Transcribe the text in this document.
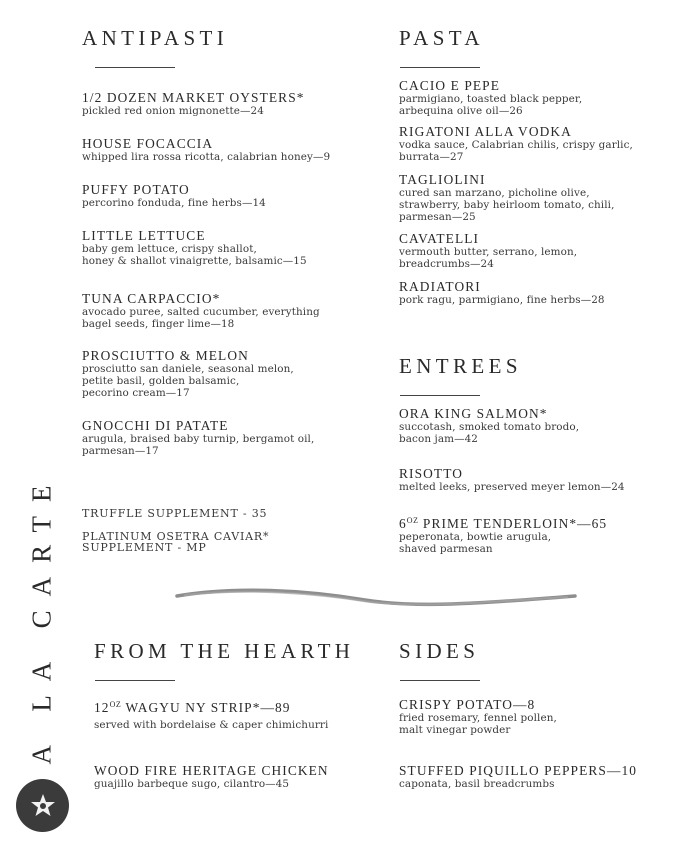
ANTIPASTI
1/2 DOZEN MARKET OYSTERS*
pickled red onion mignonette—24
HOUSE FOCACCIA
whipped lira rossa ricotta, calabrian honey—9
PUFFY POTATO
percorino fonduda, fine herbs—14
LITTLE LETTUCE
baby gem lettuce, crispy shallot,
honey & shallot vinaigrette, balsamic—15
TUNA CARPACCIO*
avocado puree, salted cucumber, everything
bagel seeds, finger lime—18
PROSCIUTTO & MELON
prosciutto san daniele, seasonal melon,
petite basil, golden balsamic,
pecorino cream—17
GNOCCHI DI PATATE
arugula, braised baby turnip, bergamot oil,
parmesan—17
TRUFFLE SUPPLEMENT - 35
PLATINUM OSETRA CAVIAR*
SUPPLEMENT - MP
PASTA
CACIO E PEPE
parmigiano, toasted black pepper,
arbequina olive oil—26
RIGATONI ALLA VODKA
vodka sauce, Calabrian chilis, crispy garlic,
burrata—27
TAGLIOLINI
cured san marzano, picholine olive,
strawberry, baby heirloom tomato, chili,
parmesan—25
CAVATELLI
vermouth butter, serrano, lemon,
breadcrumbs—24
RADIATORI
pork ragu, parmigiano, fine herbs—28
ENTREES
ORA KING SALMON*
succotash, smoked tomato brodo,
bacon jam—42
RISOTTO
melted leeks, preserved meyer lemon—24
$6^{OZ}$ PRIME TENDERLOIN*—65
peperonata, bowtie arugula,
shaved parmesan
FROM THE HEARTH
$12^{OZ}$ WAGYU NY STRIP*—89
served with bordelaise & caper chimichurri
WOOD FIRE HERITAGE CHICKEN
guajillo barbeque sugo, cilantro—45
SIDES
CRISPY POTATO—8
fried rosemary, fennel pollen,
malt vinegar powder
STUFFED PIQUILLO PEPPERS—10
caponata, basil breadcrumbs
A LA CARTE
